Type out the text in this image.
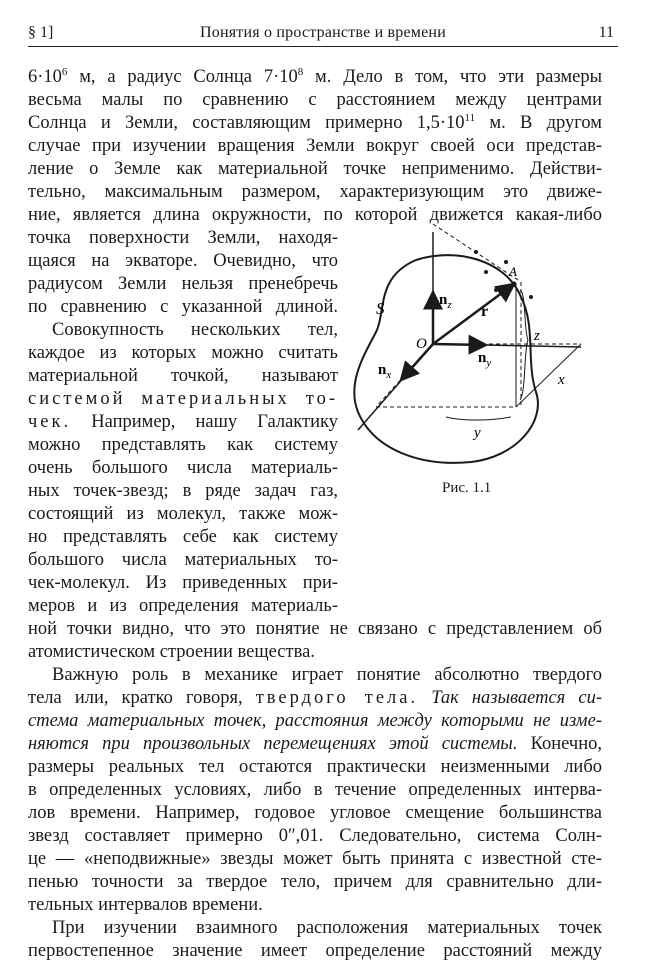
§ 1]	Понятия о пространстве и времени	11
$6\cdot 10^6$ м, а радиус Солнца $7\cdot 10^8$ м. Дело в том, что эти размеры
весьма малы по сравнению с расстоянием между центрами
Солнца и Земли, составляющим примерно $1,5\cdot 10^{11}$ м. В другом
случае при изучении вращения Земли вокруг своей оси представ-
ление о Земле как материальной точке неприменимо. Действи-
тельно, максимальным размером, характеризующим это движе-
ние, является длина окружности, по которой движется какая-либо
точка поверхности Земли, находя-
щаяся на экваторе. Очевидно, что
радиусом Земли нельзя пренебречь
по сравнению с указанной длиной.
Совокупность нескольких тел,
каждое из которых можно считать
материальной точкой, называют
системой материальных то-
чек. Например, нашу Галактику
можно представлять как систему
очень большого числа материаль-
ных точек-звезд; в ряде задач газ,
состоящий из молекул, также мож-
но представлять себе как систему
большого числа материальных то-
чек-молекул. Из приведенных при-
меров и из определения материаль-
ной точки видно, что это понятие не связано с представлением об
атомистическом строении вещества.
Важную роль в механике играет понятие абсолютно твердого
тела или, кратко говоря, твердого тела. Так называется си-
стема материальных точек, расстояния между которыми не изме-
няются при произвольных перемещениях этой системы. Конечно,
размеры реальных тел остаются практически неизменными либо
в определенных условиях, либо в течение определенных интерва-
лов времени. Например, годовое угловое смещение большинства
звезд составляет примерно 0″,01. Следовательно, система Солн-
це — «неподвижные» звезды может быть принята с известной сте-
пенью точности за твердое тело, причем для сравнительно дли-
тельных интервалов времени.
При изучении взаимного расположения материальных точек
первостепенное значение имеет определение расстояний между
S
O
A
r
$n_z$
$n_y$
$n_x$
z
x
y
Рис. 1.1
